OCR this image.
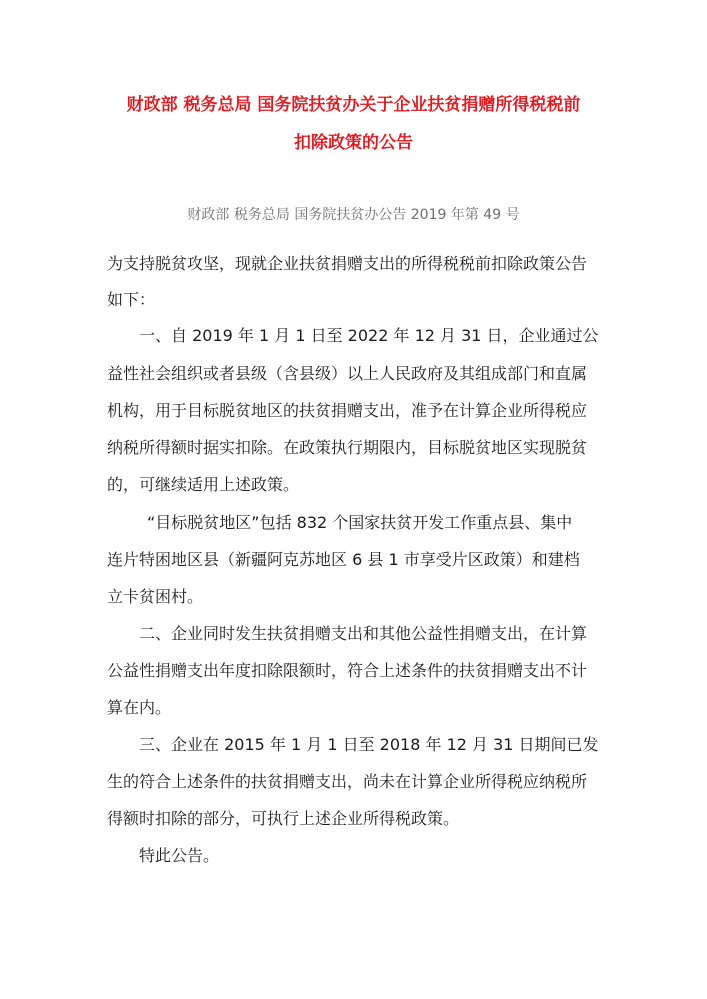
财政部 税务总局 国务院扶贫办关于企业扶贫捐赠所得税税前
扣除政策的公告
财政部 税务总局 国务院扶贫办公告 2019 年第 49 号
为支持脱贫攻坚，现就企业扶贫捐赠支出的所得税税前扣除政策公告
如下：
一、自 2019 年 1 月 1 日至 2022 年 12 月 31 日，企业通过公
益性社会组织或者县级（含县级）以上人民政府及其组成部门和直属
机构，用于目标脱贫地区的扶贫捐赠支出，准予在计算企业所得税应
纳税所得额时据实扣除。在政策执行期限内，目标脱贫地区实现脱贫
的，可继续适用上述政策。
“目标脱贫地区”包括 832 个国家扶贫开发工作重点县、集中
连片特困地区县（新疆阿克苏地区 6 县 1 市享受片区政策）和建档
立卡贫困村。
二、企业同时发生扶贫捐赠支出和其他公益性捐赠支出，在计算
公益性捐赠支出年度扣除限额时，符合上述条件的扶贫捐赠支出不计
算在内。
三、企业在 2015 年 1 月 1 日至 2018 年 12 月 31 日期间已发
生的符合上述条件的扶贫捐赠支出，尚未在计算企业所得税应纳税所
得额时扣除的部分，可执行上述企业所得税政策。
特此公告。
